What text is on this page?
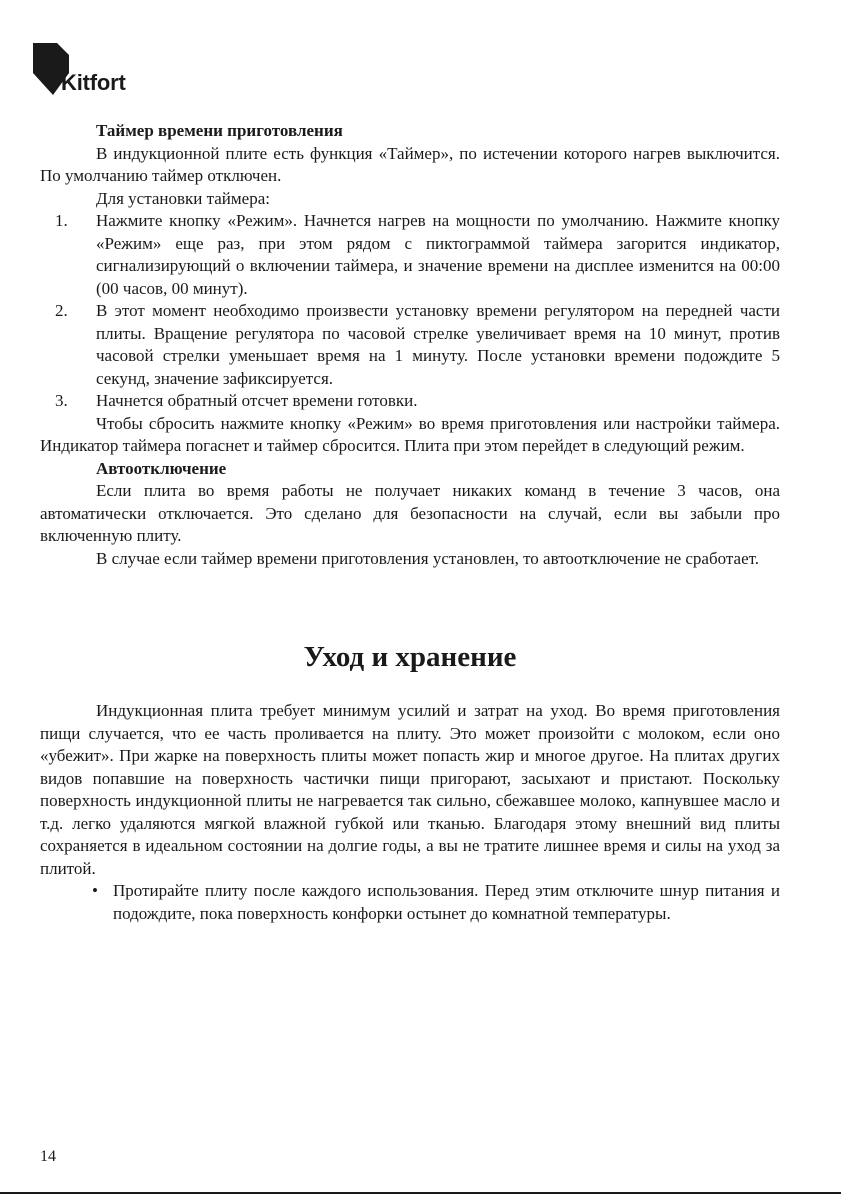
Kitfort

Таймер времени приготовления

В индукционной плите есть функция «Таймер», по истечении которого нагрев выключится. По умолчанию таймер отключен.

Для установки таймера:

1. Нажмите кнопку «Режим». Начнется нагрев на мощности по умолчанию. Нажмите кнопку «Режим» еще раз, при этом рядом с пиктограммой таймера загорится индикатор, сигнализирующий о включении таймера, и значение времени на дисплее изменится на 00:00 (00 часов, 00 минут).
2. В этот момент необходимо произвести установку времени регулятором на передней части плиты. Вращение регулятора по часовой стрелке увеличивает время на 10 минут, против часовой стрелки уменьшает время на 1 минуту. После установки времени подождите 5 секунд, значение зафиксируется.
3. Начнется обратный отсчет времени готовки.

Чтобы сбросить нажмите кнопку «Режим» во время приготовления или настройки таймера. Индикатор таймера погаснет и таймер сбросится. Плита при этом перейдет в следующий режим.

Автоотключение

Если плита во время работы не получает никаких команд в течение 3 часов, она автоматически отключается. Это сделано для безопасности на случай, если вы забыли про включенную плиту.

В случае если таймер времени приготовления установлен, то автоотключение не сработает.

Уход и хранение

Индукционная плита требует минимум усилий и затрат на уход. Во время приготовления пищи случается, что ее часть проливается на плиту. Это может произойти с молоком, если оно «убежит». При жарке на поверхность плиты может попасть жир и многое другое. На плитах других видов попавшие на поверхность частички пищи пригорают, засыхают и пристают. Поскольку поверхность индукционной плиты не нагревается так сильно, сбежавшее молоко, капнувшее масло и т.д. легко удаляются мягкой влажной губкой или тканью. Благодаря этому внешний вид плиты сохраняется в идеальном состоянии на долгие годы, а вы не тратите лишнее время и силы на уход за плитой.

• Протирайте плиту после каждого использования. Перед этим отключите шнур питания и подождите, пока поверхность конфорки остынет до комнатной температуры.
14
